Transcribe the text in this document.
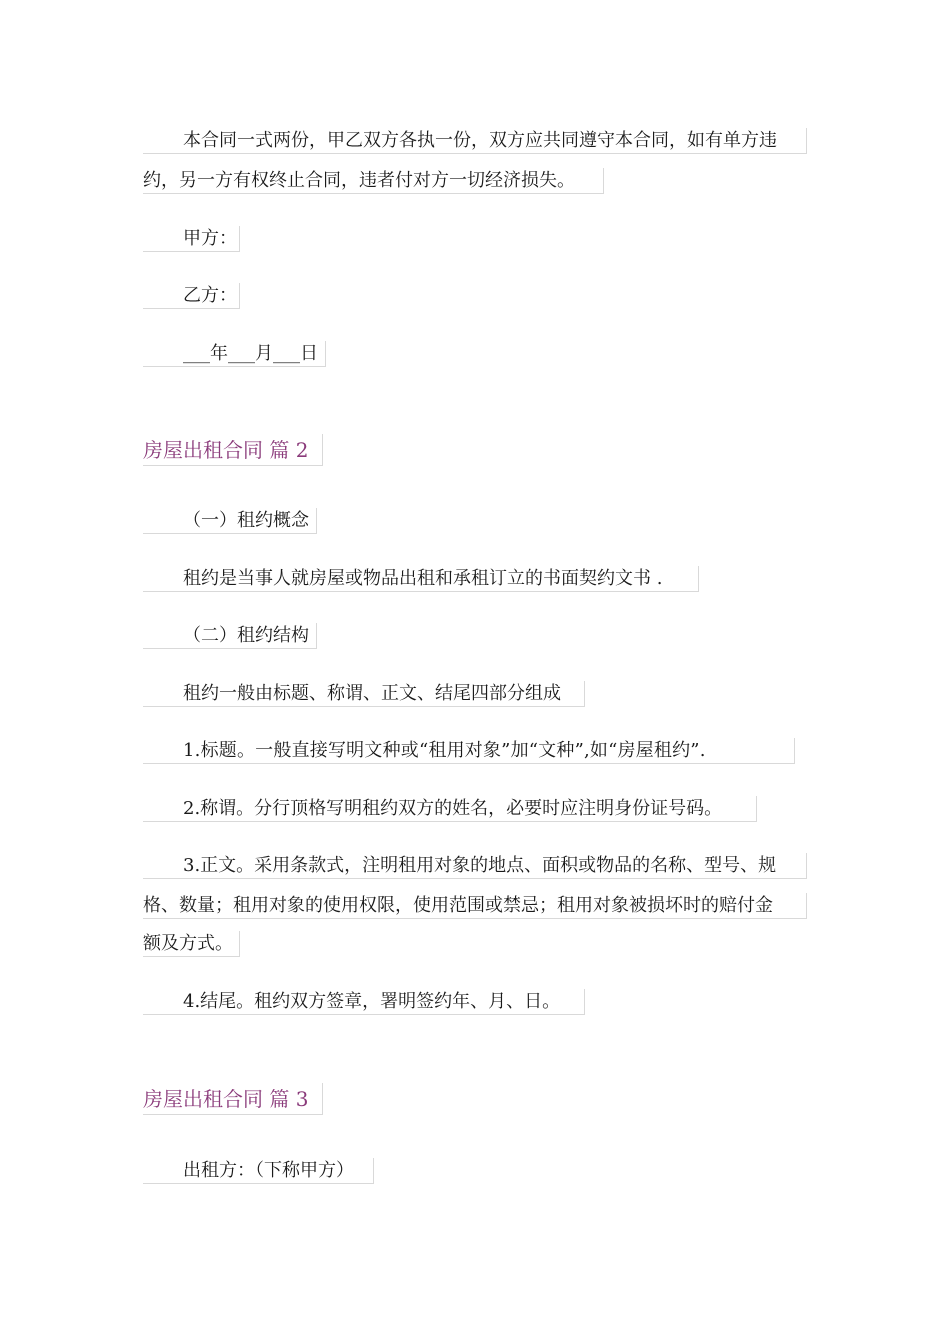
本合同一式两份，甲乙双方各执一份，双方应共同遵守本合同，如有单方违
约，另一方有权终止合同，违者付对方一切经济损失。
甲方：
乙方：
___年___月___日
房屋出租合同 篇 2
（一）租约概念
租约是当事人就房屋或物品出租和承租订立的书面契约文书 .
（二）租约结构
租约一般由标题、称谓、正文、结尾四部分组成
1.标题。一般直接写明文种或“租用对象”加“文种”,如“房屋租约”.
2.称谓。分行顶格写明租约双方的姓名，必要时应注明身份证号码。
3.正文。采用条款式，注明租用对象的地点、面积或物品的名称、型号、规
格、数量；租用对象的使用权限，使用范围或禁忌；租用对象被损坏时的赔付金
额及方式。
4.结尾。租约双方签章，署明签约年、月、日。
房屋出租合同 篇 3
出租方：（下称甲方）
